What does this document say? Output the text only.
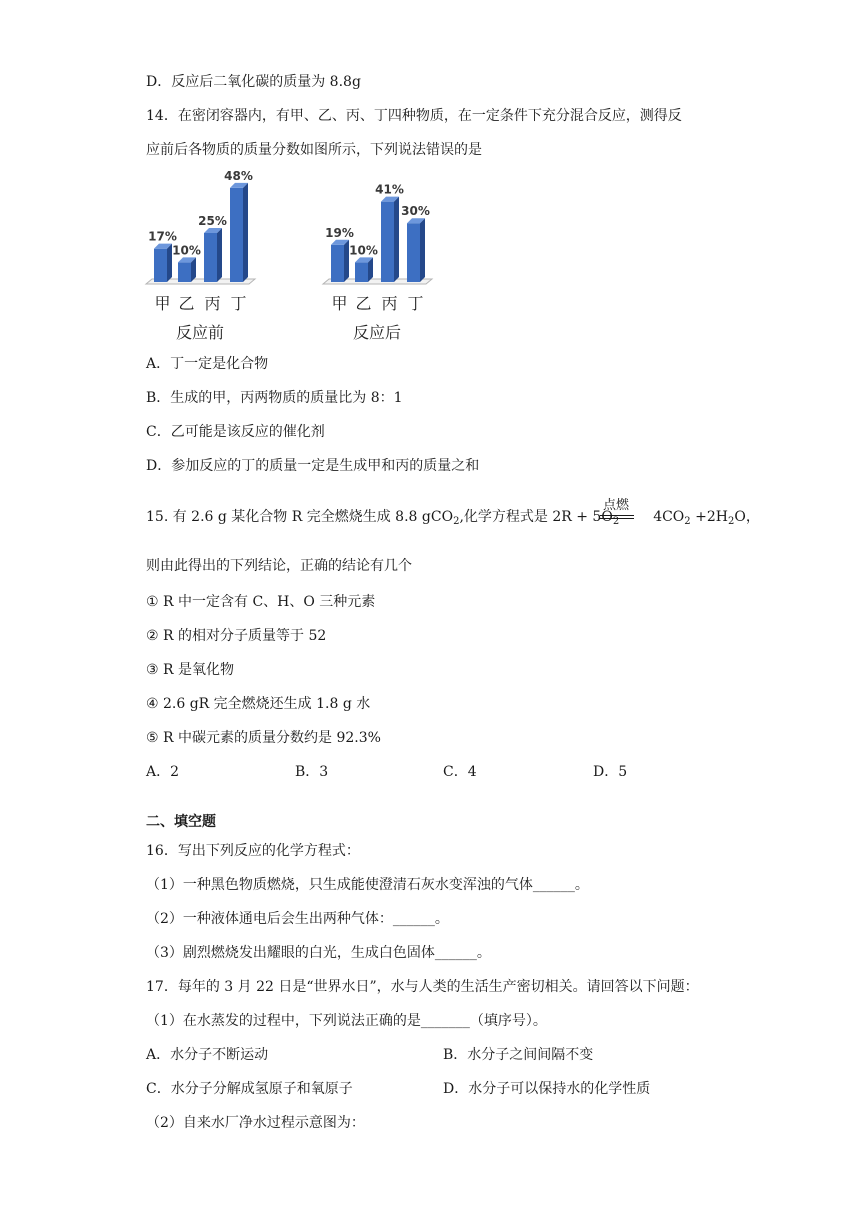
D．反应后二氧化碳的质量为 8.8g
14．在密闭容器内，有甲、乙、丙、丁四种物质，在一定条件下充分混合反应，测得反
应前后各物质的质量分数如图所示，下列说法错误的是
17%
甲
10%
乙
25%
丙
48%
丁
反应前
19%
甲
10%
乙
41%
丙
30%
丁
反应后
A．丁一定是化合物
B．生成的甲，丙两物质的质量比为 8：1
C．乙可能是该反应的催化剂
D．参加反应的丁的质量一定是生成甲和丙的质量之和
15. 有 2.6 g 某化合物 R 完全燃烧生成 8.8 gCO$_2$,化学方程式是 $2R + 5O_2$ $4CO_2 +2H_2O$，
点燃
则由此得出的下列结论，正确的结论有几个
① R 中一定含有 C、H、O 三种元素
② R 的相对分子质量等于 52
③ R 是氧化物
④ 2.6 gR 完全燃烧还生成 1.8 g 水
⑤ R 中碳元素的质量分数约是 92.3%
A．2	B．3	C．4	D．5
二、填空题
16．写出下列反应的化学方程式：
（1）一种黑色物质燃烧，只生成能使澄清石灰水变浑浊的气体______。
（2）一种液体通电后会生出两种气体：______。
（3）剧烈燃烧发出耀眼的白光，生成白色固体______。
17．每年的 3 月 22 日是“世界水日”，水与人类的生活生产密切相关。请回答以下问题：
（1）在水蒸发的过程中，下列说法正确的是_______（填序号）。
A．水分子不断运动	B．水分子之间间隔不变
C．水分子分解成氢原子和氧原子	D．水分子可以保持水的化学性质
（2）自来水厂净水过程示意图为：
